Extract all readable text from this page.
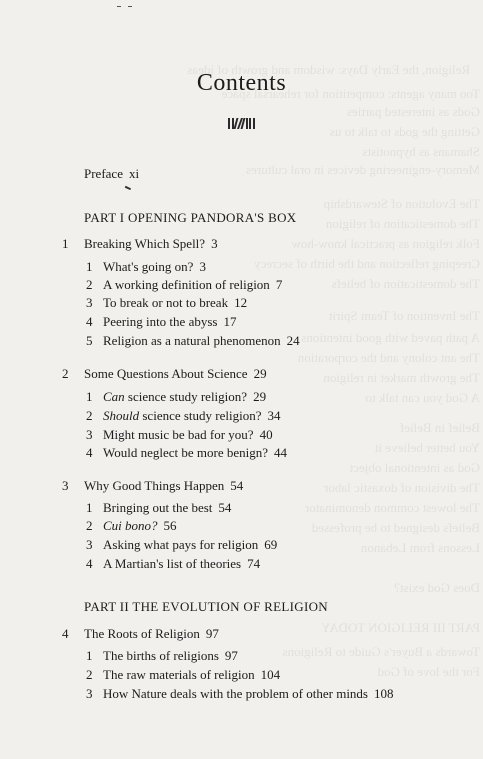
Religion, the Early Days: wisdom and growth of ideas
Too many agents: competition for rehearsal space
Gods as interested parties
Getting the gods to talk to us
Shamans as hypnotists
Memory-engineering devices in oral cultures
The Evolution of Stewardship
The domestication of religion
Folk religion as practical know-how
Creeping reflection and the birth of secrecy
The domestication of beliefs
The Invention of Team Spirit
A path paved with good intentions
The ant colony and the corporation
The growth market in religion
A God you can talk to
Belief in Belief
You better believe it
God as intentional object
The division of doxastic labor
The lowest common denominator
Beliefs designed to be professed
Lessons from Lebanon
Does God exist?
PART III RELIGION TODAY
Towards a Buyer's Guide to Religions
For the love of God
Contents
Preface xi
PART I OPENING PANDORA'S BOX
1 Breaking Which Spell? 3
1 What's going on? 3
2 A working definition of religion 7
3 To break or not to break 12
4 Peering into the abyss 17
5 Religion as a natural phenomenon 24
2 Some Questions About Science 29
1 Can science study religion? 29
2 Should science study religion? 34
3 Might music be bad for you? 40
4 Would neglect be more benign? 44
3 Why Good Things Happen 54
1 Bringing out the best 54
2 Cui bono? 56
3 Asking what pays for religion 69
4 A Martian's list of theories 74
PART II THE EVOLUTION OF RELIGION
4 The Roots of Religion 97
1 The births of religions 97
2 The raw materials of religion 104
3 How Nature deals with the problem of other minds 108
